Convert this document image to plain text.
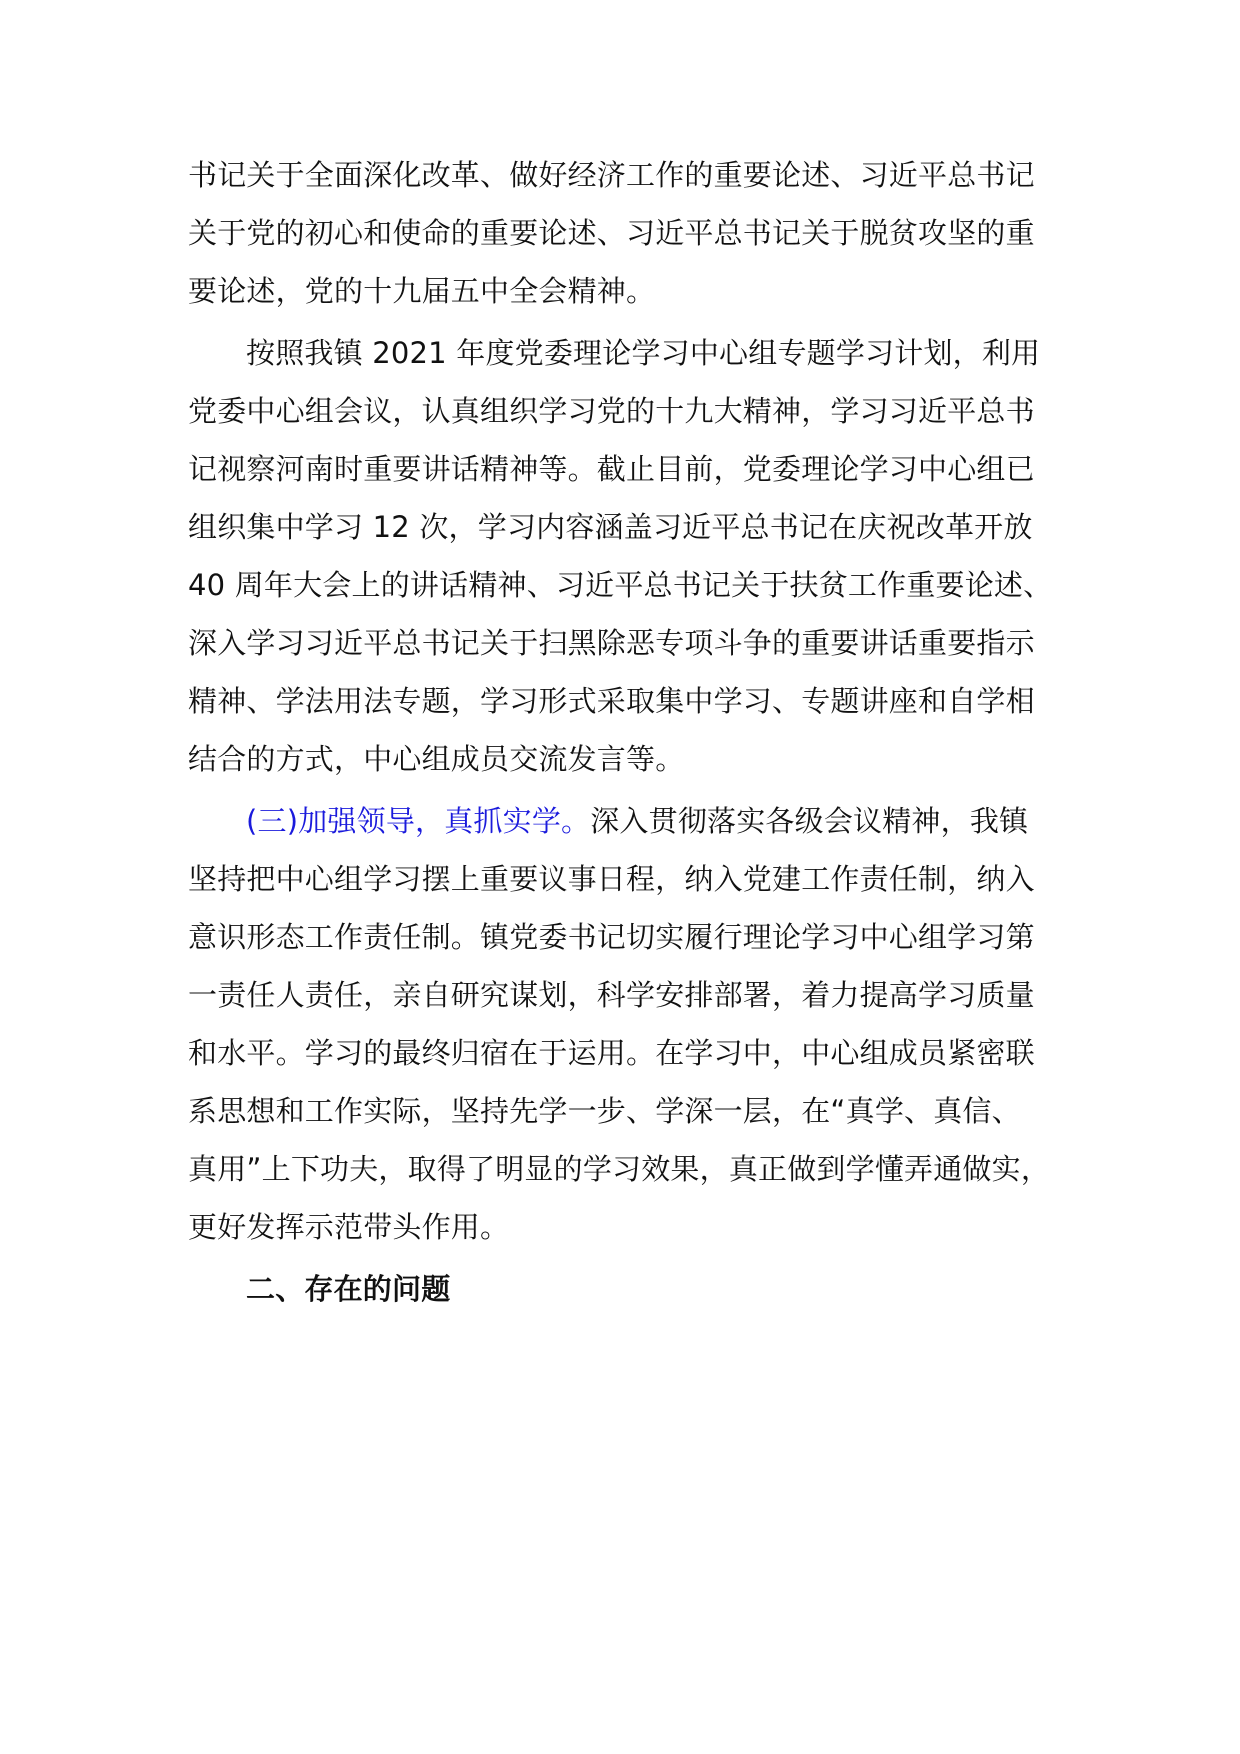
书记关于全面深化改革、做好经济工作的重要论述、习近平总书记
关于党的初心和使命的重要论述、习近平总书记关于脱贫攻坚的重
要论述，党的十九届五中全会精神。
按照我镇 2021 年度党委理论学习中心组专题学习计划，利用
党委中心组会议，认真组织学习党的十九大精神，学习习近平总书
记视察河南时重要讲话精神等。截止目前，党委理论学习中心组已
组织集中学习 12 次，学习内容涵盖习近平总书记在庆祝改革开放
40 周年大会上的讲话精神、习近平总书记关于扶贫工作重要论述、
深入学习习近平总书记关于扫黑除恶专项斗争的重要讲话重要指示
精神、学法用法专题，学习形式采取集中学习、专题讲座和自学相
结合的方式，中心组成员交流发言等。
(三)加强领导，真抓实学。深入贯彻落实各级会议精神，我镇
坚持把中心组学习摆上重要议事日程，纳入党建工作责任制，纳入
意识形态工作责任制。镇党委书记切实履行理论学习中心组学习第
一责任人责任，亲自研究谋划，科学安排部署，着力提高学习质量
和水平。学习的最终归宿在于运用。在学习中，中心组成员紧密联
系思想和工作实际，坚持先学一步、学深一层，在“真学、真信、
真用”上下功夫，取得了明显的学习效果，真正做到学懂弄通做实，
更好发挥示范带头作用。
二、存在的问题
